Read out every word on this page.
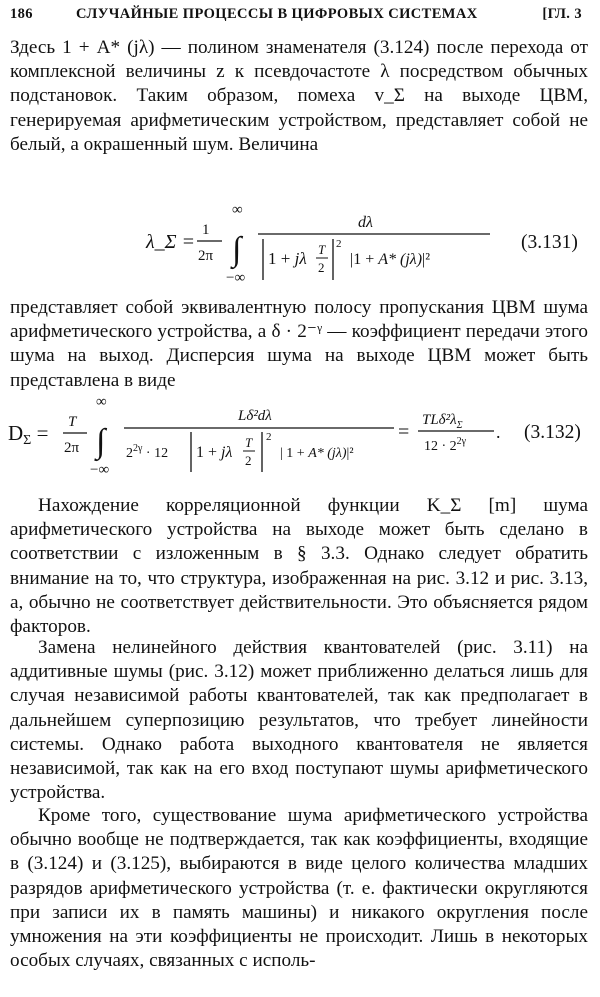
186	СЛУЧАЙНЫЕ ПРОЦЕССЫ В ЦИФРОВЫХ СИСТЕМАХ	[ГЛ. 3

Здесь 1 + A* (jλ) — полином знаменателя (3.124) после перехода от комплексной величины z к псевдочастоте λ посредством обычных подстановок. Таким образом, помеха v_Σ на выходе ЦВМ, генерируемая арифметическим устройством, представляет собой не белый, а окрашенный шум. Величина

λ_Σ =
1
2π
∞
∫
−∞
dλ
1 + jλ T
2
2
|1 + A* (jλ)|²
(3.131)

представляет собой эквивалентную полосу пропускания ЦВМ шума арифметического устройства, а δ · 2⁻ᵞ — коэффициент передачи этого шума на выход. Дисперсия шума на выходе ЦВМ может быть представлена в виде

DΣ = T
2π
∞
∫
−∞
Lδ²dλ
$2^{2\gamma} \cdot 12$ 1 + jλ
T
2
2
| 1 + A* (jλ)|²
=
$TL\delta^2\lambda_\Sigma$
$12 \cdot 2^{2\gamma}$ . (3.132)

Нахождение корреляционной функции K_Σ [m] шума арифметического устройства на выходе может быть сделано в соответствии с изложенным в § 3.3. Однако следует обратить внимание на то, что структура, изображенная на рис. 3.12 и рис. 3.13, а, обычно не соответствует действительности. Это объясняется рядом факторов.

Замена нелинейного действия квантователей (рис. 3.11) на аддитивные шумы (рис. 3.12) может приближенно делаться лишь для случая независимой работы квантователей, так как предполагает в дальнейшем суперпозицию результатов, что требует линейности системы. Однако работа выходного квантователя не является независимой, так как на его вход поступают шумы арифметического устройства.

Кроме того, существование шума арифметического устройства обычно вообще не подтверждается, так как коэффициенты, входящие в (3.124) и (3.125), выбираются в виде целого количества младших разрядов арифметического устройства (т. е. фактически округляются при записи их в память машины) и никакого округления после умножения на эти коэффициенты не происходит. Лишь в некоторых особых случаях, связанных с исполь-
